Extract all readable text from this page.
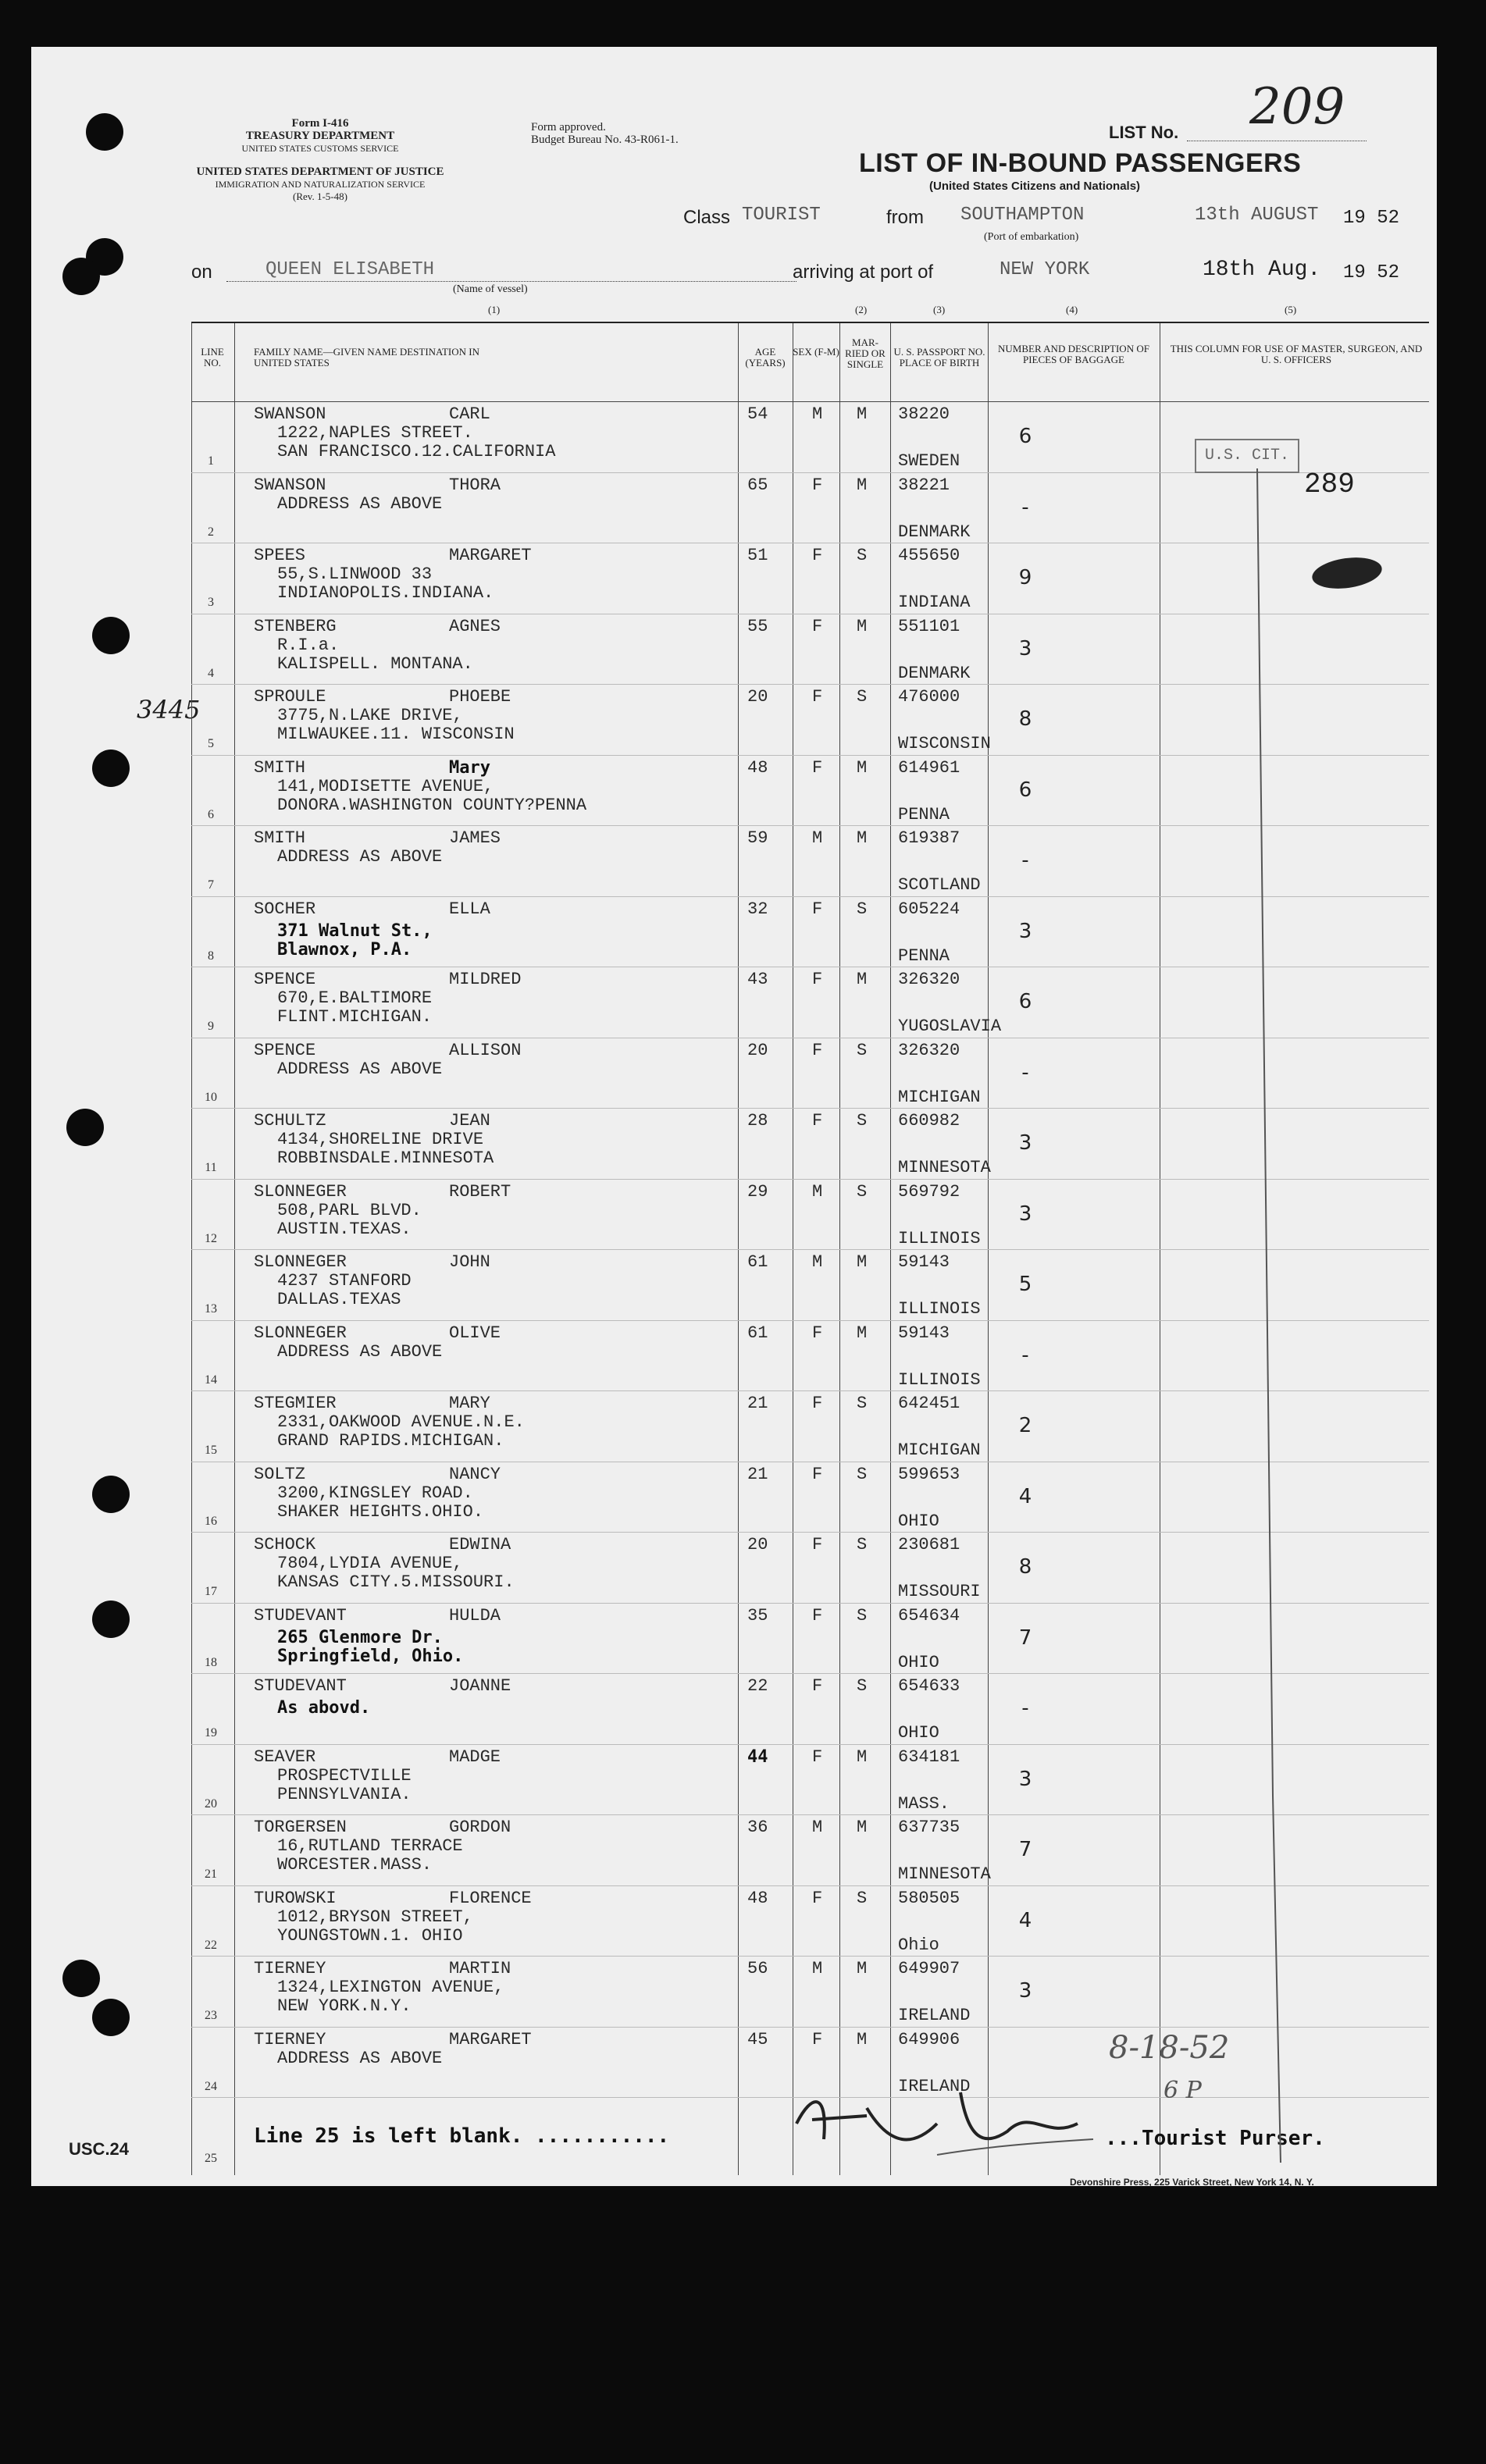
Form I-416
TREASURY DEPARTMENT
UNITED STATES CUSTOMS SERVICE
UNITED STATES DEPARTMENT OF JUSTICE
IMMIGRATION AND NATURALIZATION SERVICE
(Rev. 1-5-48)
Form approved.
Budget Bureau No. 43-R061-1.	LIST No. 209
LIST OF IN-BOUND PASSENGERS
(United States Citizens and Nationals)
Class TOURIST	from SOUTHAMPTON
(Port of embarkation)
13th AUGUST 19 52
on	QUEEN ELISABETH
(Name of vessel)
arriving at port of	NEW YORK	18th Aug. 19 52
3445
(1)	(2)	(3)	(4)	(5)
LINE NO.
FAMILY NAME—GIVEN NAME DESTINATION IN UNITED STATES
AGE (YEARS)
SEX (F-M)
MAR-RIED OR SINGLE
U. S. PASSPORT NO. PLACE OF BIRTH
NUMBER AND DESCRIPTION OF PIECES OF BAGGAGE
THIS COLUMN FOR USE OF MASTER, SURGEON, AND U. S. OFFICERS
1
SWANSON	CARL
1222,NAPLES STREET.
SAN FRANCISCO.12.CALIFORNIA
54	M M 38220
SWEDEN
6
2
SWANSON	THORA
ADDRESS AS ABOVE
65	F M 38221
DENMARK
-
3
SPEES	MARGARET
55,S.LINWOOD 33
INDIANOPOLIS.INDIANA.
51	F S 455650
INDIANA
9
4
STENBERG	AGNES
R.I.a.
KALISPELL. MONTANA.
55	F M 551101
DENMARK
3
5
SPROULE	PHOEBE
3775,N.LAKE DRIVE,
MILWAUKEE.11. WISCONSIN
20	F S 476000
WISCONSIN
8
6
SMITH	Mary
141,MODISETTE AVENUE,
DONORA.WASHINGTON COUNTY?PENNA
48	F M 614961
PENNA
6
7
SMITH	JAMES
ADDRESS AS ABOVE
59	M M 619387
SCOTLAND
-
8
SOCHER	ELLA
371 Walnut St.,
Blawnox, P.A.
32	F S 605224
PENNA
3
9
SPENCE	MILDRED
670,E.BALTIMORE
FLINT.MICHIGAN.
43	F M 326320
YUGOSLAVIA
6
10
SPENCE	ALLISON
ADDRESS AS ABOVE
20	F S 326320
MICHIGAN
-
11
SCHULTZ	JEAN
4134,SHORELINE DRIVE
ROBBINSDALE.MINNESOTA
28	F S 660982
MINNESOTA
3
12
SLONNEGER	ROBERT
508,PARL BLVD.
AUSTIN.TEXAS.
29	M S 569792
ILLINOIS
3
13
SLONNEGER	JOHN
4237 STANFORD
DALLAS.TEXAS
61	M M 59143
ILLINOIS
5
14
SLONNEGER	OLIVE
ADDRESS AS ABOVE
61	F M 59143
ILLINOIS
-
15
STEGMIER	MARY
2331,OAKWOOD AVENUE.N.E.
GRAND RAPIDS.MICHIGAN.
21	F S 642451
MICHIGAN
2
16
SOLTZ	NANCY
3200,KINGSLEY ROAD.
SHAKER HEIGHTS.OHIO.
21	F S 599653
OHIO
4
17
SCHOCK	EDWINA
7804,LYDIA AVENUE,
KANSAS CITY.5.MISSOURI.
20	F S 230681
MISSOURI
8
18
STUDEVANT	HULDA
265 Glenmore Dr.
Springfield, Ohio.
35	F S 654634
OHIO
7
19
STUDEVANT	JOANNE
As abovd.
22	F S 654633
OHIO
-
20
SEAVER	MADGE
PROSPECTVILLE
PENNSYLVANIA.
44	F M 634181
MASS.
3
21
TORGERSEN	GORDON
16,RUTLAND TERRACE
WORCESTER.MASS.
36	M M 637735
MINNESOTA
7
22
TUROWSKI	FLORENCE
1012,BRYSON STREET,
YOUNGSTOWN.1. OHIO
48	F S 580505
Ohio
4
23
TIERNEY	MARTIN
1324,LEXINGTON AVENUE,
NEW YORK.N.Y.
56	M M 649907
IRELAND
3
24
TIERNEY	MARGARET
ADDRESS AS ABOVE
45	F M 649906
IRELAND
25
Line 25 is left blank. ...........	...Tourist Purser.
U.S. CIT.
289
8-18-52
6 P
USC.24
Devonshire Press, 225 Varick Street, New York 14, N. Y.
